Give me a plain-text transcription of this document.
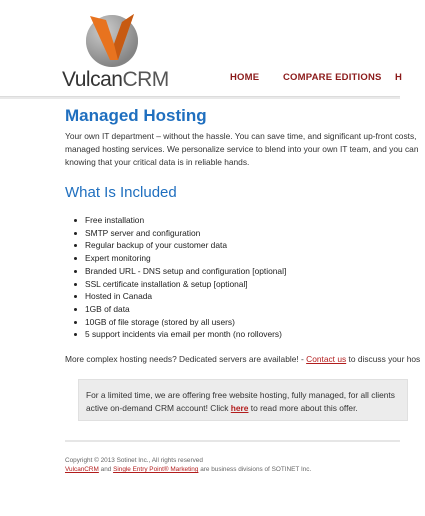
VulcanCRM	HOME COMPARE EDITIONS H
Managed Hosting

Your own IT department – without the hassle. You can save time, and significant up-front costs,
managed hosting services. We personalize service to blend into your own IT team, and you can
knowing that your critical data is in reliable hands.

What Is Included
Free installation
SMTP server and configuration
Regular backup of your customer data
Expert monitoring
Branded URL - DNS setup and configuration [optional]
SSL certificate installation & setup [optional]
Hosted in Canada
1GB of data
10GB of file storage (stored by all users)
5 support incidents via email per month (no rollovers)

More complex hosting needs? Dedicated servers are available! - Contact us to discuss your hos

For a limited time, we are offering free website hosting, fully managed, for all clients
active on-demand CRM account! Click here to read more about this offer.
Copyright © 2013 Sotinet Inc., All rights reserved
VulcanCRM and Single Entry Point® Marketing are business divisions of SOTINET Inc.
